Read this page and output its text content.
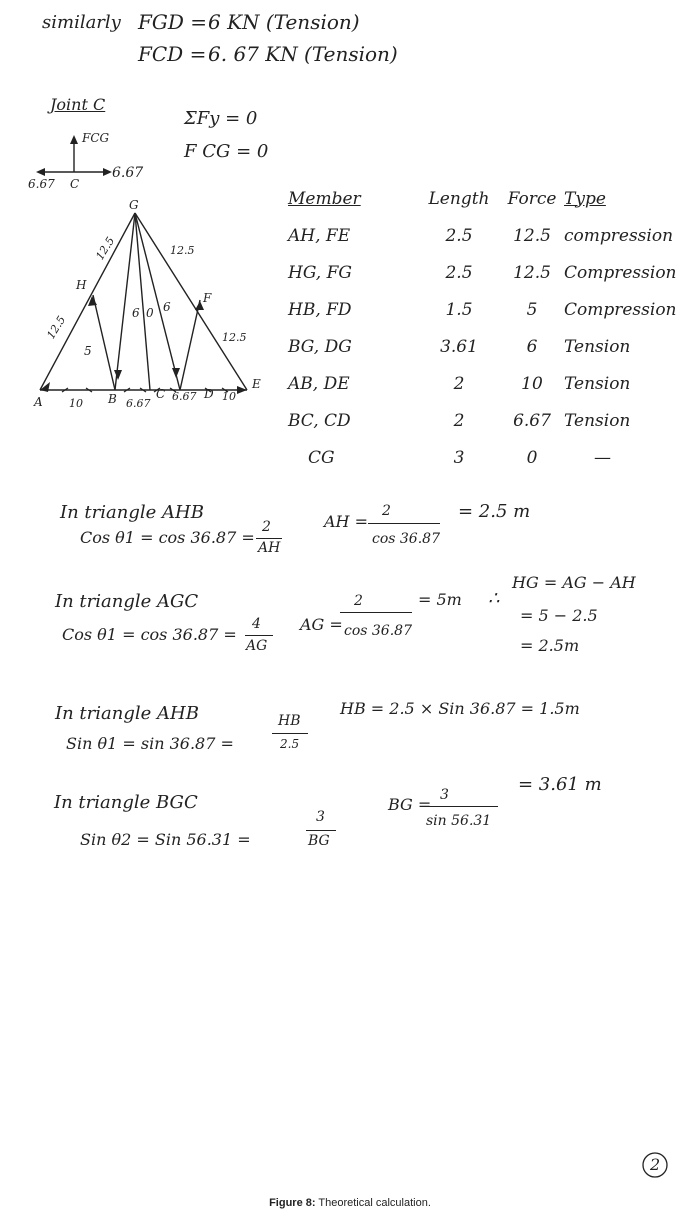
similarly FGD = 6 KN (Tension)
FCD = 6. 67 KN (Tension)
Joint C
ΣFy = 0
F CG = 0
FCG
6.67 C
6.67
G
H
F
A	B	C	D
E
12.5
12.5
12.5
12.5
5
6 0 6
10	6.67
6.67 10
Member	Length	Force	Type
AH, FE	2.5	12.5	compression
HG, FG	2.5	12.5	Compression
HB, FD	1.5	5	Compression
BG, DG	3.61	6	Tension
AB, DE	2	10	Tension
BC, CD	2	6.67	Tension
CG	3	0	—
In triangle AHB
Cos θ1 = cos 36.87 =
2
AH
AH =
2
cos 36.87
= 2.5 m
In triangle AGC
Cos θ1 = cos 36.87 =
4
AG
AG =
2
cos 36.87
= 5m ∴
HG = AG − AH
= 5 − 2.5
= 2.5m
In triangle AHB
Sin θ1 = sin 36.87 =
HB
2.5
HB = 2.5 × Sin 36.87 = 1.5m
In triangle BGC
Sin θ2 = Sin 56.31 =
3
BG
BG = 3
sin 56.31
= 3.61 m
2
Figure 8: Theoretical calculation.
